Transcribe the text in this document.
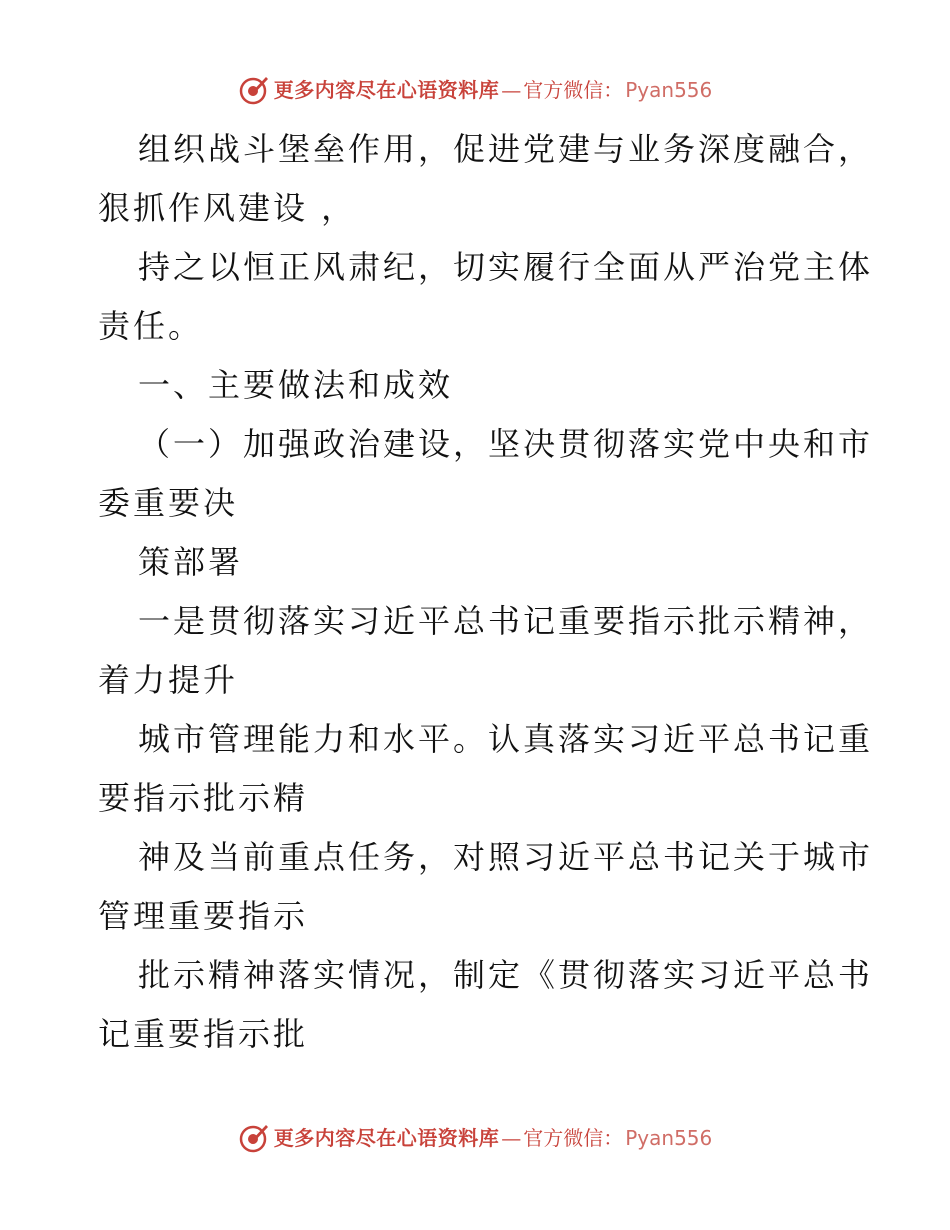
更多内容尽在心语资料库 — 官方微信： Pyan556
组织战斗堡垒作用，促进党建与业务深度融合，
狠抓作风建设 ，
持之以恒正风肃纪，切实履行全面从严治党主体
责任。
一、主要做法和成效
（一）加强政治建设，坚决贯彻落实党中央和市
委重要决
策部署
一是贯彻落实习近平总书记重要指示批示精神，
着力提升
城市管理能力和水平。认真落实习近平总书记重
要指示批示精
神及当前重点任务，对照习近平总书记关于城市
管理重要指示
批示精神落实情况，制定《贯彻落实习近平总书
记重要指示批
更多内容尽在心语资料库 — 官方微信： Pyan556
